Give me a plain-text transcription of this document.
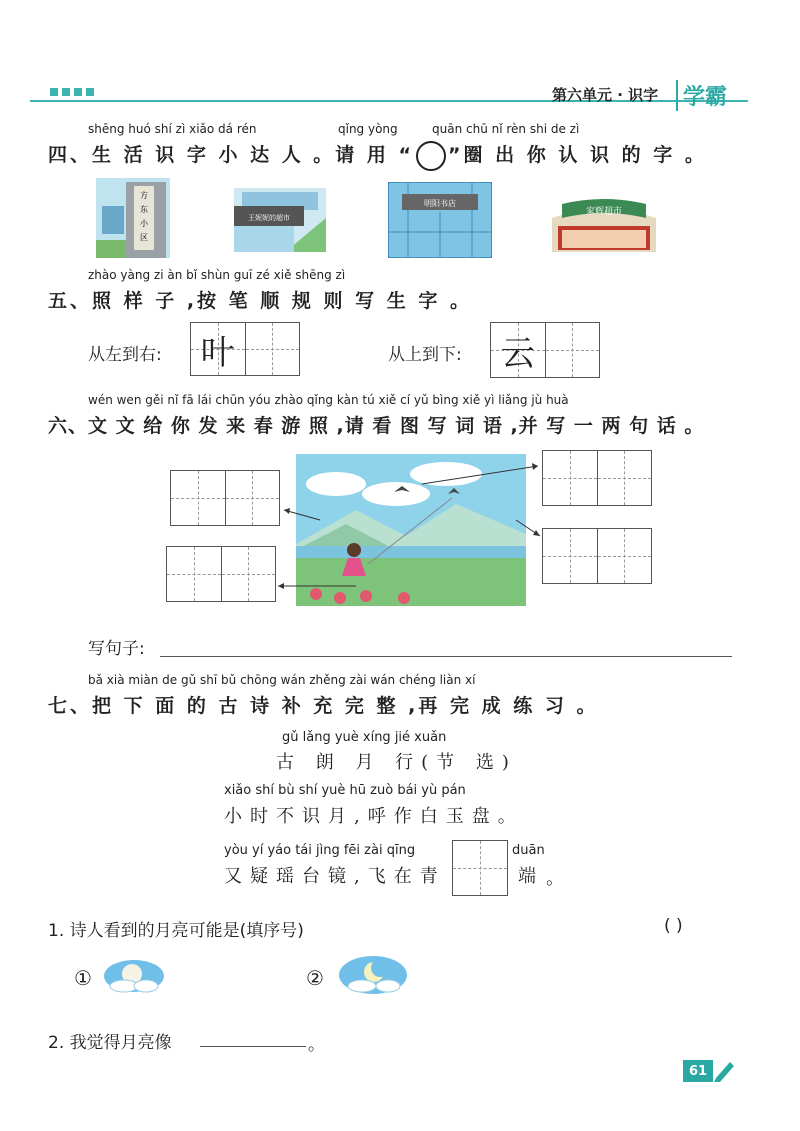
第六单元 · 识字	学霸
shēng huó shí zì xiǎo dá rén	qǐng yòng	quān chū nǐ rèn shi de zì
四、生 活 识 字 小 达 人 。请 用 “ ”圈 出 你 认 识 的 字 。
方
东
小
区
王妮妮的超市
明阳书店
家辉超市
zhào yàng zi àn bǐ shùn guī zé xiě shēng zì
五、照 样 子 ,按 笔 顺 规 则 写 生 字 。
从左到右: 叶	从上到下: 云
wén wen gěi nǐ fā lái chūn yóu zhào qǐng kàn tú xiě cí yǔ bìng xiě yì liǎng jù huà
六、文 文 给 你 发 来 春 游 照 ,请 看 图 写 词 语 ,并 写 一 两 句 话 。
写句子:
bǎ xià miàn de gǔ shī bǔ chōng wán zhěng zài wán chéng liàn xí
七、把 下 面 的 古 诗 补 充 完 整 ,再 完 成 练 习 。
gǔ lǎng yuè xíng jié xuǎn
古 朗 月 行(节 选)
xiǎo shí bù shí yuè hū zuò bái yù pán
小时不识月,呼作白玉盘。
yòu yí yáo tái jìng fēi zài qīng
又疑瑶台镜,飞在青
duān
端 。
1. 诗人看到的月亮可能是(填序号)	( )
①	②
2. 我觉得月亮像	。
61
